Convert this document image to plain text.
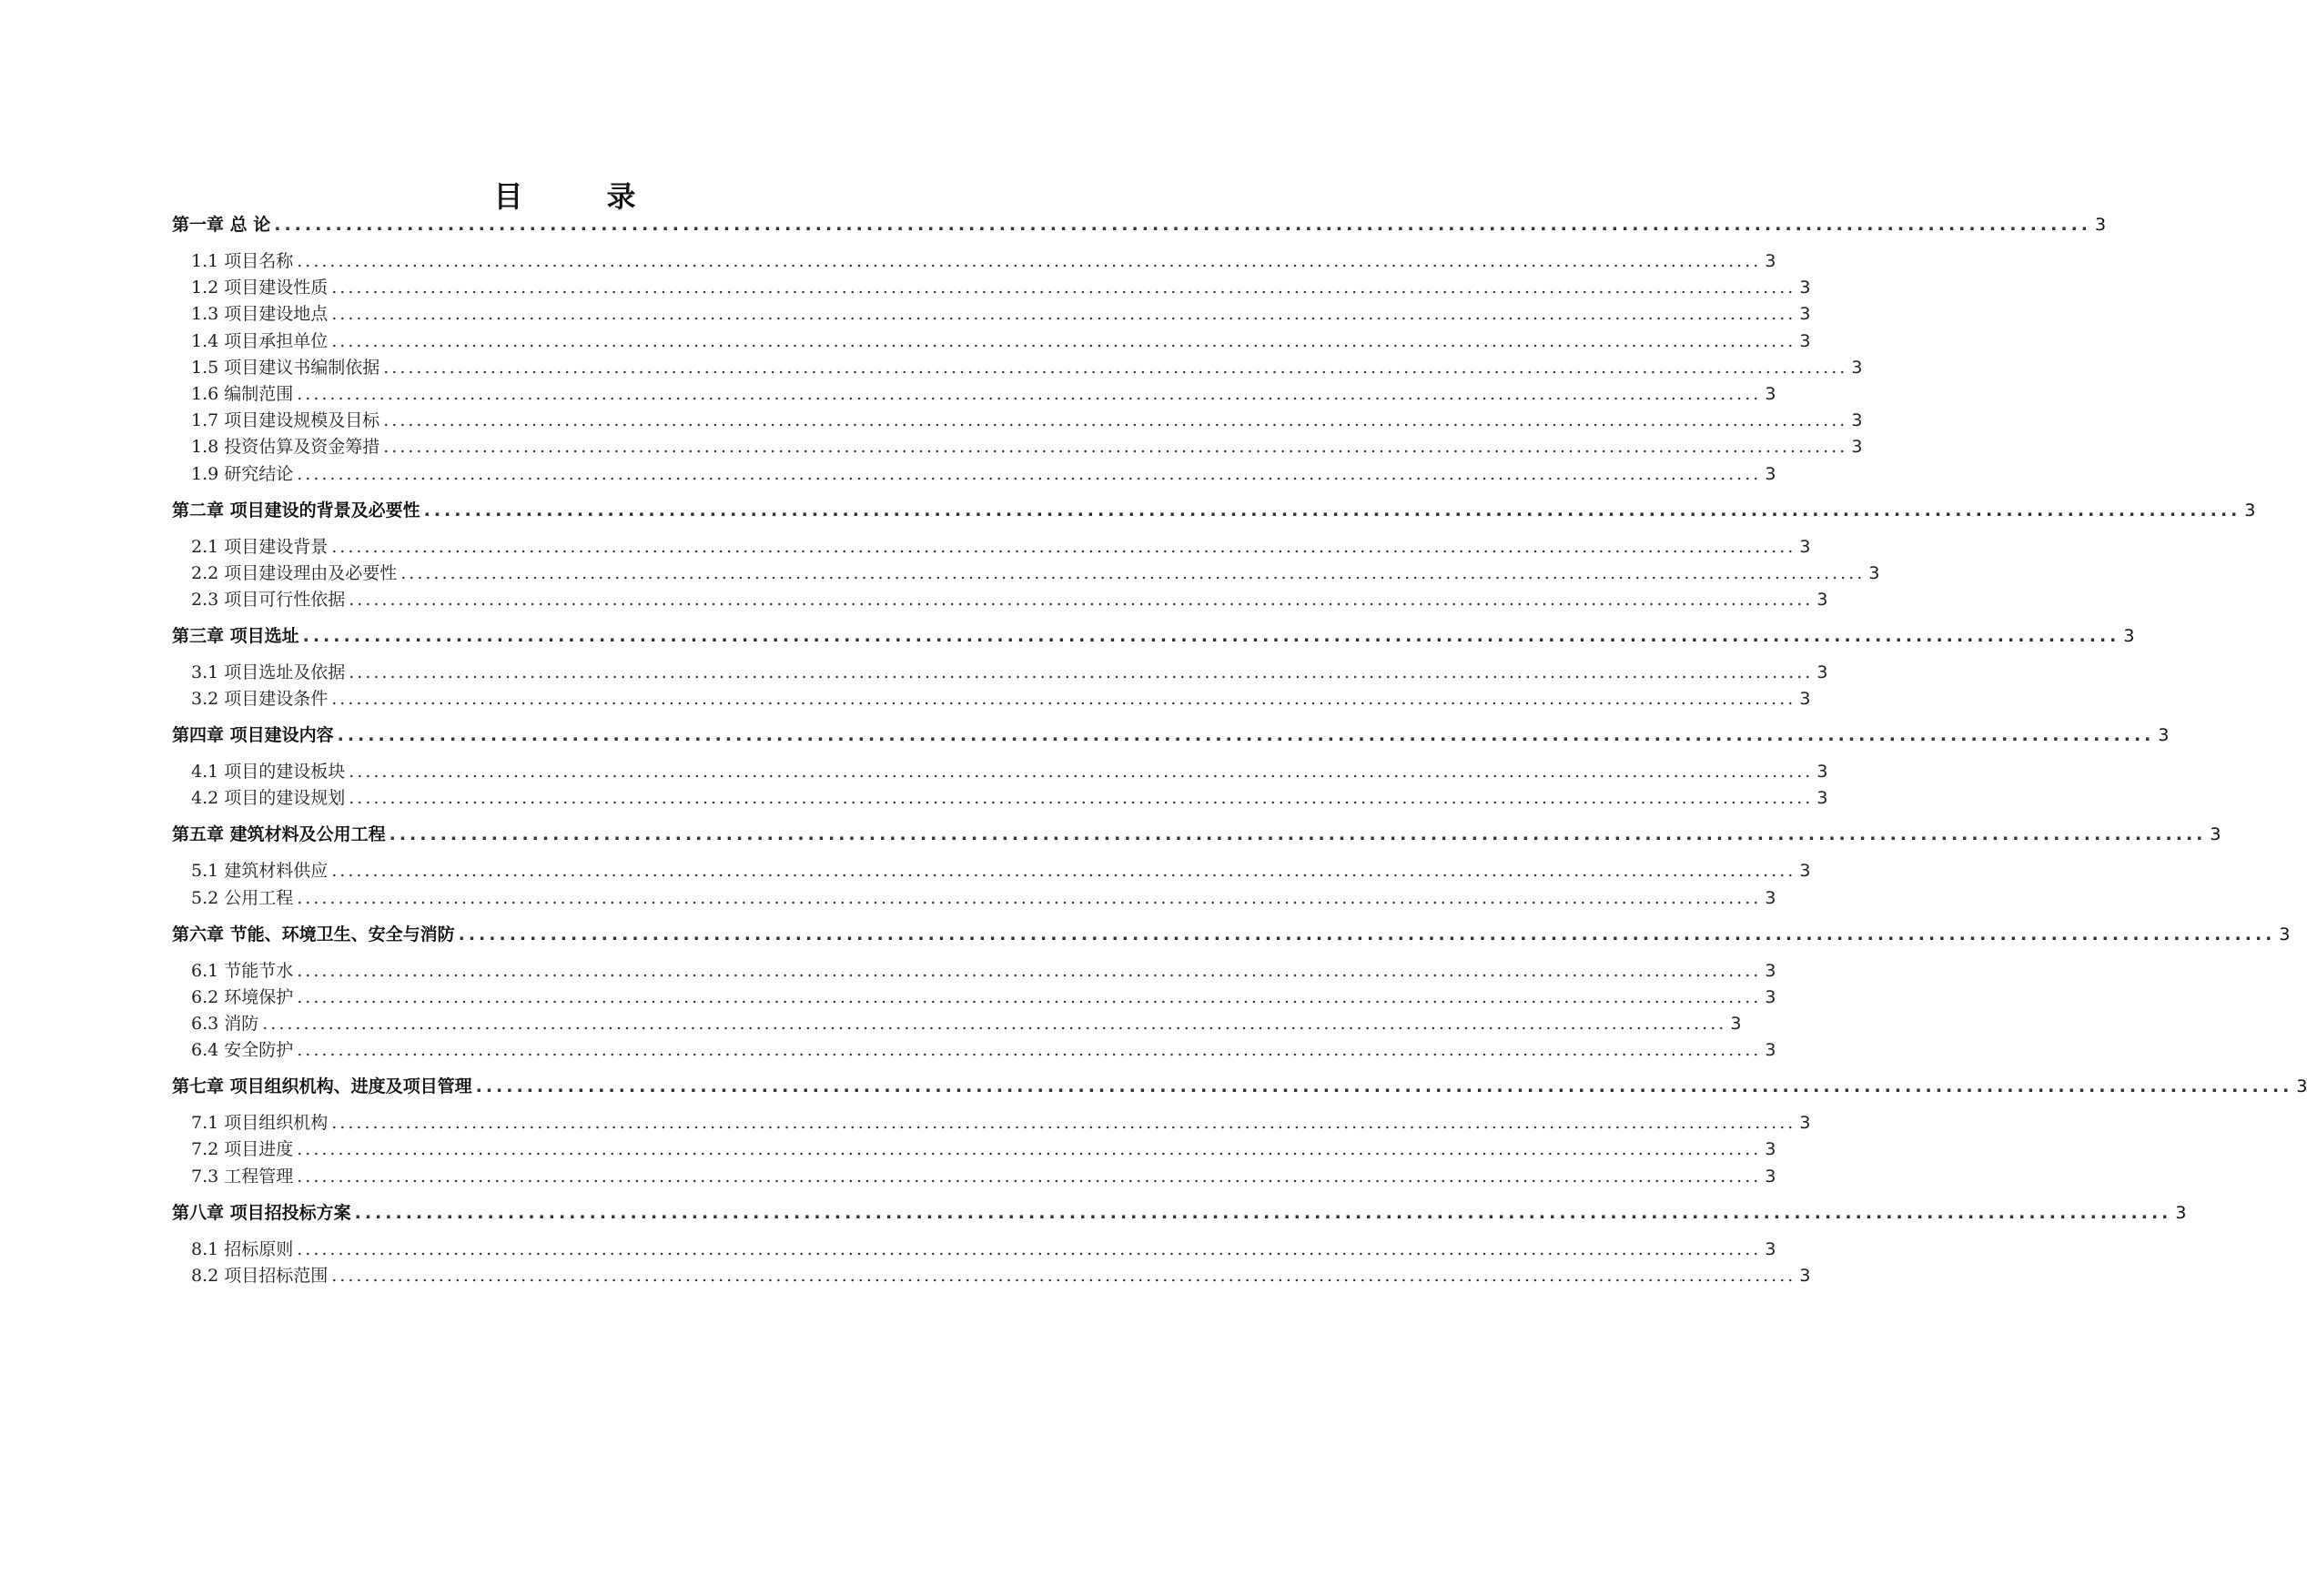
目　录
第一章 总 论 .................................................................................................................................................................................. 3
1.1 项目名称 .................................................................................................................................................................................. 3
1.2 项目建设性质 .................................................................................................................................................................................. 3
1.3 项目建设地点 .................................................................................................................................................................................. 3
1.4 项目承担单位 .................................................................................................................................................................................. 3
1.5 项目建议书编制依据 .................................................................................................................................................................................. 3
1.6 编制范围 .................................................................................................................................................................................. 3
1.7 项目建设规模及目标 .................................................................................................................................................................................. 3
1.8 投资估算及资金筹措 .................................................................................................................................................................................. 3
1.9 研究结论 .................................................................................................................................................................................. 3
第二章 项目建设的背景及必要性 .................................................................................................................................................................................. 3
2.1 项目建设背景 .................................................................................................................................................................................. 3
2.2 项目建设理由及必要性 .................................................................................................................................................................................. 3
2.3 项目可行性依据 .................................................................................................................................................................................. 3
第三章 项目选址 .................................................................................................................................................................................. 3
3.1 项目选址及依据 .................................................................................................................................................................................. 3
3.2 项目建设条件 .................................................................................................................................................................................. 3
第四章 项目建设内容 .................................................................................................................................................................................. 3
4.1 项目的建设板块 .................................................................................................................................................................................. 3
4.2 项目的建设规划 .................................................................................................................................................................................. 3
第五章 建筑材料及公用工程 .................................................................................................................................................................................. 3
5.1 建筑材料供应 .................................................................................................................................................................................. 3
5.2 公用工程 .................................................................................................................................................................................. 3
第六章 节能、环境卫生、安全与消防 .................................................................................................................................................................................. 3
6.1 节能节水 .................................................................................................................................................................................. 3
6.2 环境保护 .................................................................................................................................................................................. 3
6.3 消防 .................................................................................................................................................................................. 3
6.4 安全防护 .................................................................................................................................................................................. 3
第七章 项目组织机构、进度及项目管理 .................................................................................................................................................................................. 3
7.1 项目组织机构 .................................................................................................................................................................................. 3
7.2 项目进度 .................................................................................................................................................................................. 3
7.3 工程管理 .................................................................................................................................................................................. 3
第八章 项目招投标方案 .................................................................................................................................................................................. 3
8.1 招标原则 .................................................................................................................................................................................. 3
8.2 项目招标范围 .................................................................................................................................................................................. 3
